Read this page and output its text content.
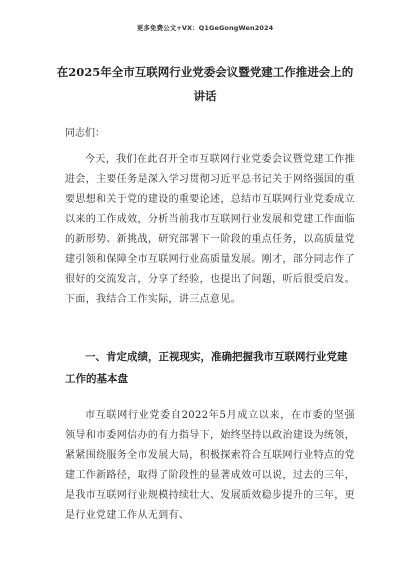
更多免费公文+VX：Q1GeGongWen2024
在2025年全市互联网行业党委会议暨党建工作推进会上的
讲话
同志们：
今天，我们在此召开全市互联网行业党委会议暨党建工作推进会，主要任务是深入学习贯彻习近平总书记关于网络强国的重要思想和关于党的建设的重要论述，总结市互联网行业党委成立以来的工作成效，分析当前我市互联网行业发展和党建工作面临的新形势、新挑战，研究部署下一阶段的重点任务，以高质量党建引领和保障全市互联网行业高质量发展。刚才，部分同志作了很好的交流发言，分享了经验，也提出了问题，听后很受启发。下面，我结合工作实际，讲三点意见。
一、肯定成绩，正视现实，准确把握我市互联网行业党建工作的基本盘
市互联网行业党委自2022年5月成立以来，在市委的坚强领导和市委网信办的有力指导下，始终坚持以政治建设为统领，紧紧围绕服务全市发展大局，积极探索符合互联网行业特点的党建工作新路径，取得了阶段性的显著成效可以说，过去的三年，是我市互联网行业规模持续壮大、发展质效稳步提升的三年，更是行业党建工作从无到有、
